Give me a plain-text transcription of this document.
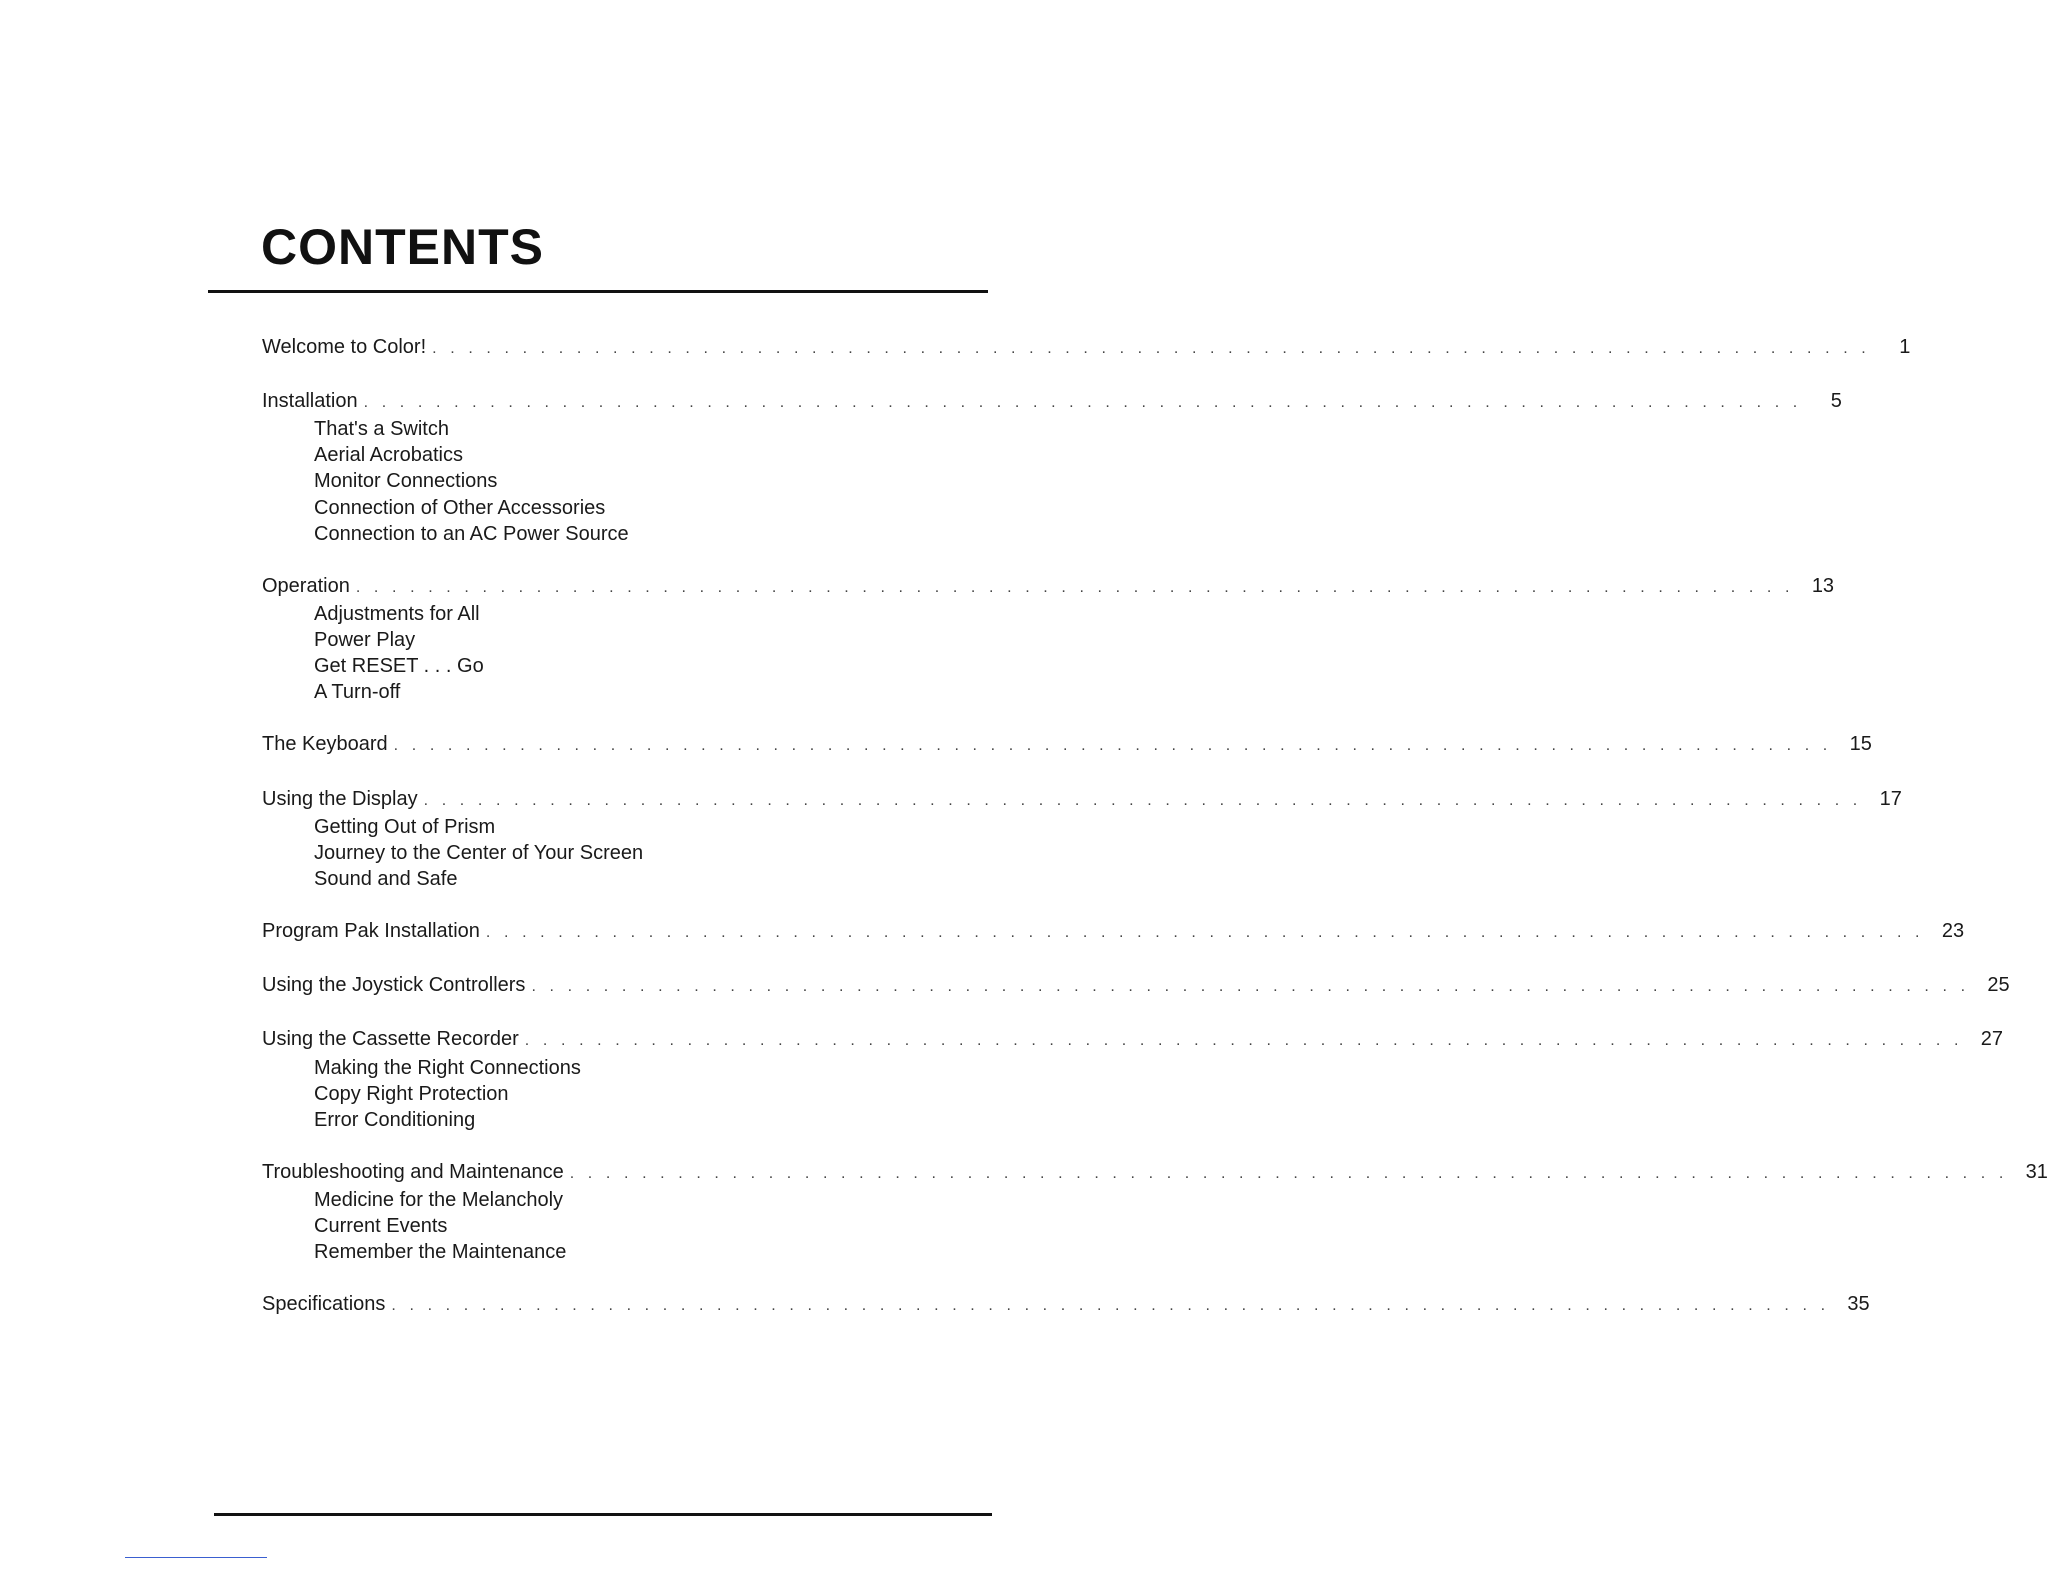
CONTENTS
Welcome to Color! . . . . . . . . . . . . . . . . . . . . . . . . . . . . . . . . . . . . . . . . . . . . . . . . . . . . . . . . . . . . . . . . . . . . . . . . . . . . . . . .	1
Installation . . . . . . . . . . . . . . . . . . . . . . . . . . . . . . . . . . . . . . . . . . . . . . . . . . . . . . . . . . . . . . . . . . . . . . . . . . . . . . . .	5
That's a Switch
Aerial Acrobatics
Monitor Connections
Connection of Other Accessories
Connection to an AC Power Source
Operation . . . . . . . . . . . . . . . . . . . . . . . . . . . . . . . . . . . . . . . . . . . . . . . . . . . . . . . . . . . . . . . . . . . . . . . . . . . . . . . . 13
Adjustments for All
Power Play
Get RESET . . . Go
A Turn-off
The Keyboard . . . . . . . . . . . . . . . . . . . . . . . . . . . . . . . . . . . . . . . . . . . . . . . . . . . . . . . . . . . . . . . . . . . . . . . . . . . . . . . . 15
Using the Display . . . . . . . . . . . . . . . . . . . . . . . . . . . . . . . . . . . . . . . . . . . . . . . . . . . . . . . . . . . . . . . . . . . . . . . . . . . . . . . . 17
Getting Out of Prism
Journey to the Center of Your Screen
Sound and Safe
Program Pak Installation . . . . . . . . . . . . . . . . . . . . . . . . . . . . . . . . . . . . . . . . . . . . . . . . . . . . . . . . . . . . . . . . . . . . . . . . . . . . . . . . 23
Using the Joystick Controllers . . . . . . . . . . . . . . . . . . . . . . . . . . . . . . . . . . . . . . . . . . . . . . . . . . . . . . . . . . . . . . . . . . . . . . . . . . . . . . . . 25
Using the Cassette Recorder . . . . . . . . . . . . . . . . . . . . . . . . . . . . . . . . . . . . . . . . . . . . . . . . . . . . . . . . . . . . . . . . . . . . . . . . . . . . . . . . 27
Making the Right Connections
Copy Right Protection
Error Conditioning
Troubleshooting and Maintenance . . . . . . . . . . . . . . . . . . . . . . . . . . . . . . . . . . . . . . . . . . . . . . . . . . . . . . . . . . . . . . . . . . . . . . . . . . . . . . . . 31
Medicine for the Melancholy
Current Events
Remember the Maintenance
Specifications . . . . . . . . . . . . . . . . . . . . . . . . . . . . . . . . . . . . . . . . . . . . . . . . . . . . . . . . . . . . . . . . . . . . . . . . . . . . . . . . 35
